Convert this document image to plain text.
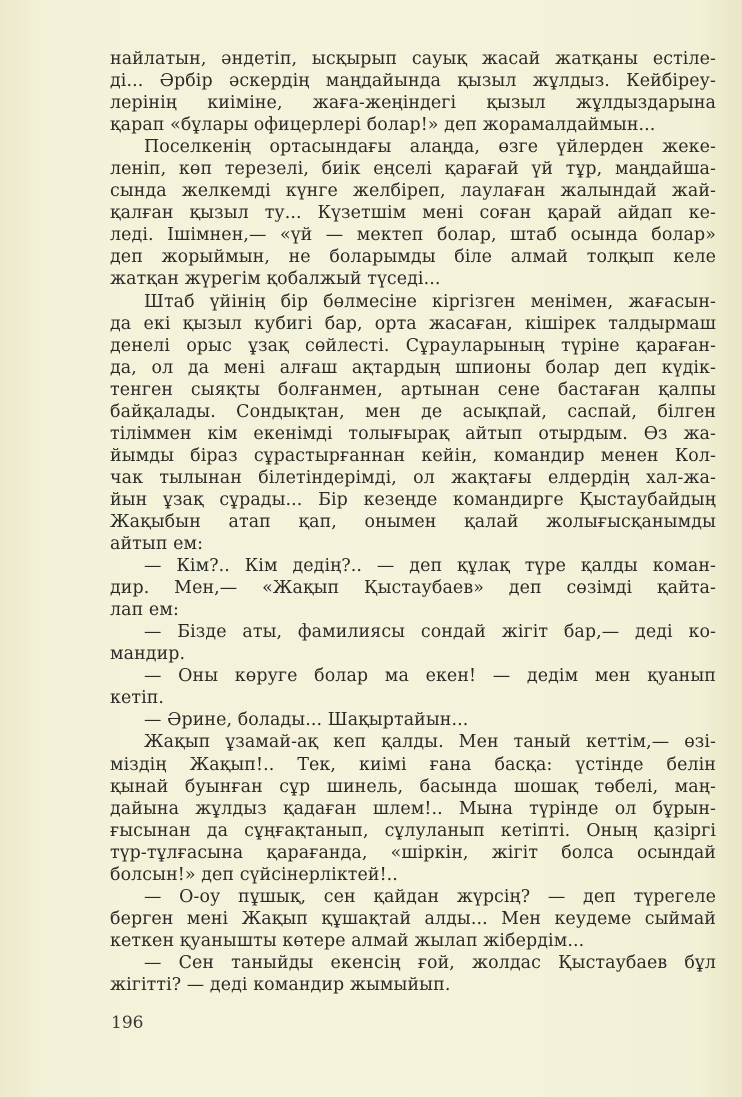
найлатын, әндетіп, ысқырып сауық жасай жатқаны естіле-
ді... Әрбір әскердің маңдайында қызыл жұлдыз. Кейбіреу-
лерінің киіміне, жаға-жеңіндегі қызыл жұлдыздарына
қарап «бұлары офицерлері болар!» деп жорамалдаймын...
Поселкенің ортасындағы алаңда, өзге үйлерден жеке-
леніп, көп терезелі, биік еңселі қарағай үй тұр, маңдайша-
сында желкемді күнге желбіреп, лаулаған жалындай жай-
қалған қызыл ту... Күзетшім мені соған қарай айдап ке-
леді. Ішімнен,— «үй — мектеп болар, штаб осында болар»
деп жорыймын, не боларымды біле алмай толқып келе
жатқан жүрегім қобалжый түседі...
Штаб үйінің бір бөлмесіне кіргізген менімен, жағасын-
да екі қызыл кубигі бар, орта жасаған, кішірек талдырмаш
денелі орыс ұзақ сөйлесті. Сұрауларының түріне қараған-
да, ол да мені алғаш ақтардың шпионы болар деп күдік-
тенген сыяқты болғанмен, артынан сене бастаған қалпы
байқалады. Сондықтан, мен де асықпай, саспай, білген
тіліммен кім екенімді толығырақ айтып отырдым. Өз жа-
йымды біраз сұрастырғаннан кейін, командир менен Кол-
чак тылынан білетіндерімді, ол жақтағы елдердің хал-жа-
йын ұзақ сұрады... Бір кезеңде командирге Қыстаубайдың
Жақыбын атап қап, онымен қалай жолығысқанымды
айтып ем:
— Кім?.. Кім дедің?.. — деп құлақ түре қалды коман-
дир. Мен,— «Жақып Қыстаубаев» деп сөзімді қайта-
лап ем:
— Бізде аты, фамилиясы сондай жігіт бар,— деді ко-
мандир.
— Оны көруге болар ма екен! — дедім мен қуанып
кетіп.
— Әрине, болады... Шақыртайын...
Жақып ұзамай-ақ кеп қалды. Мен таный кеттім,— өзі-
міздің Жақып!.. Тек, киімі ғана басқа: үстінде белін
қынай буынған сұр шинель, басында шошақ төбелі, маң-
дайына жұлдыз қадаған шлем!.. Мына түрінде ол бұрын-
ғысынан да сұңғақтанып, сұлуланып кетіпті. Оның қазіргі
түр-тұлғасына қарағанда, «шіркін, жігіт болса осындай
болсын!» деп сүйсінерліктей!..
— О-оу пұшық, сен қайдан жүрсің? — деп түрегеле
берген мені Жақып құшақтай алды... Мен кеудеме сыймай
кеткен қуанышты көтере алмай жылап жібердім...
— Сен таныйды екенсің ғой, жолдас Қыстаубаев бұл
жігітті? — деді командир жымыйып.
196
